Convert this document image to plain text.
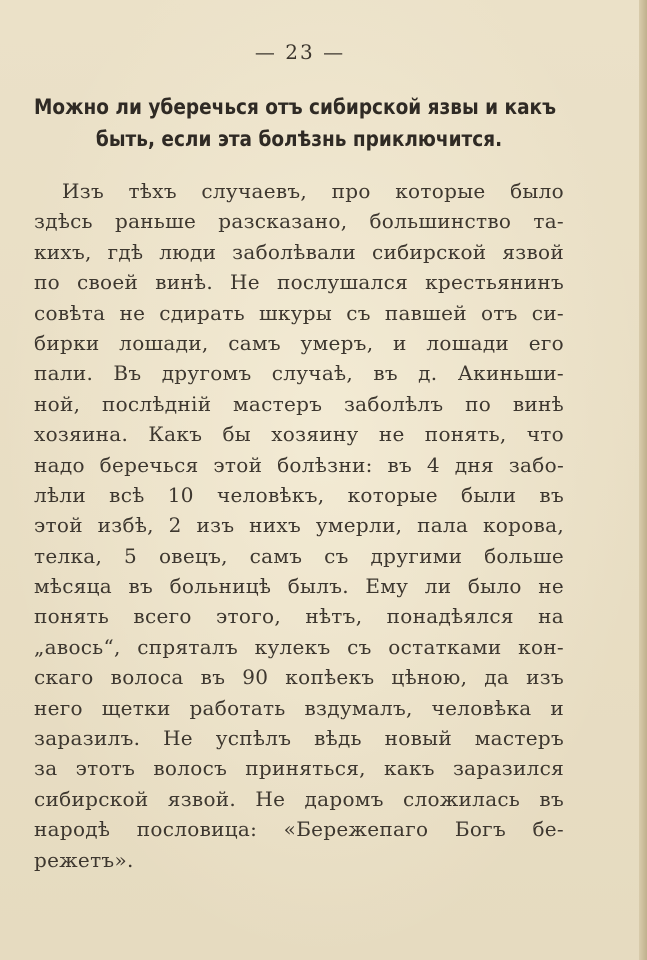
— 23 —
Можно ли уберечься отъ сибирской язвы и какъ
быть, если эта болѣзнь приключится.
Изъ тѣхъ случаевъ, про которые было
здѣсь раньше разсказано, большинство та-
кихъ, гдѣ люди заболѣвали сибирской язвой
по своей винѣ. Не послушался крестьянинъ
совѣта не сдирать шкуры съ павшей отъ си-
бирки лошади, самъ умеръ, и лошади его
пали. Въ другомъ случаѣ, въ д. Акиньши-
ной, послѣднiй мастеръ заболѣлъ по винѣ
хозяина. Какъ бы хозяину не понять, что
надо беречься этой болѣзни: въ 4 дня забо-
лѣли всѣ 10 человѣкъ, которые были въ
этой избѣ, 2 изъ нихъ умерли, пала корова,
телка, 5 овецъ, самъ съ другими больше
мѣсяца въ больницѣ былъ. Ему ли было не
понять всего этого, нѣтъ, понадѣялся на
„авось“, спряталъ кулекъ съ остатками кон-
скаго волоса въ 90 копѣекъ цѣною, да изъ
него щетки работать вздумалъ, человѣка и
заразилъ. Не успѣлъ вѣдь новый мастеръ
за этотъ волосъ приняться, какъ заразился
сибирской язвой. Не даромъ сложилась въ
народѣ пословица: «Бережепаго Богъ бе-
режетъ».
